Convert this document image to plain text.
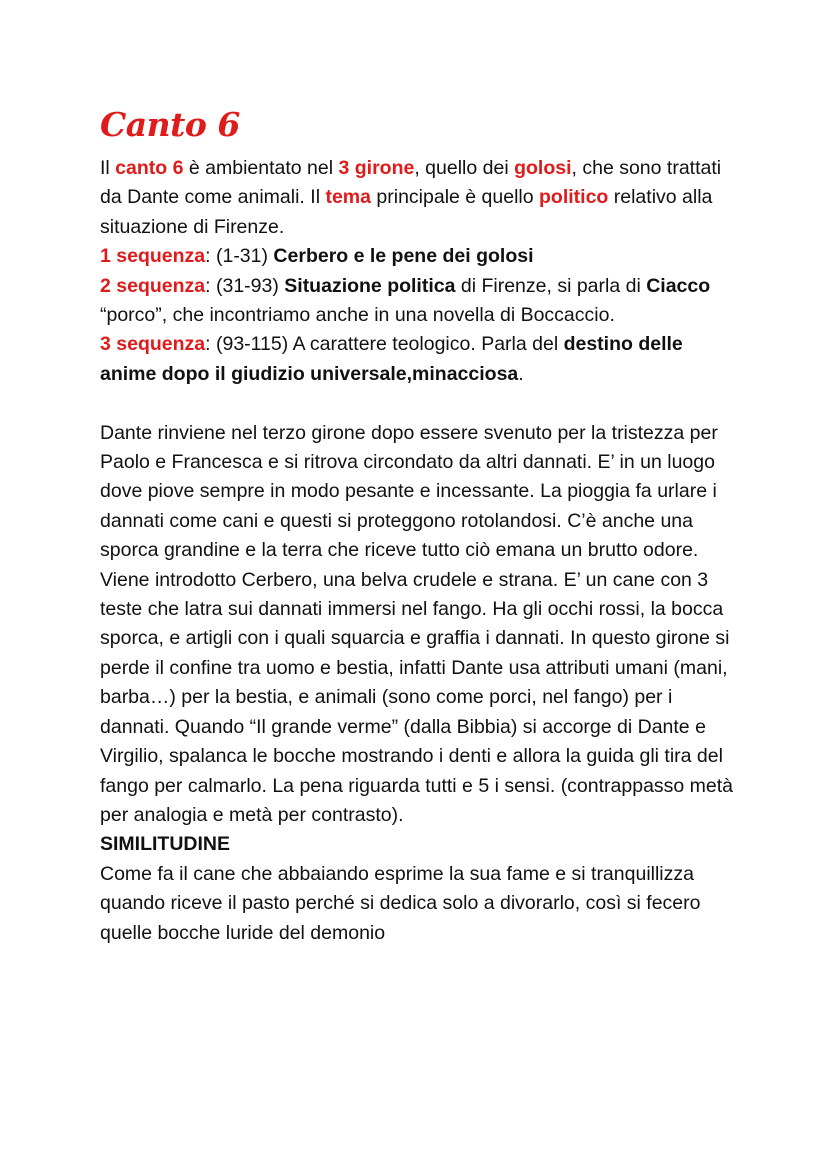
Canto 6

Il canto 6 è ambientato nel 3 girone, quello dei golosi, che sono trattati da Dante come animali. Il tema principale è quello politico relativo alla situazione di Firenze.

1 sequenza: (1-31) Cerbero e le pene dei golosi

2 sequenza: (31-93) Situazione politica di Firenze, si parla di Ciacco “porco”, che incontriamo anche in una novella di Boccaccio.

3 sequenza: (93-115) A carattere teologico. Parla del destino delle anime dopo il giudizio universale,minacciosa.

Dante rinviene nel terzo girone dopo essere svenuto per la tristezza per Paolo e Francesca e si ritrova circondato da altri dannati. E’ in un luogo dove piove sempre in modo pesante e incessante. La pioggia fa urlare i dannati come cani e questi si proteggono rotolandosi. C’è anche una sporca grandine e la terra che riceve tutto ciò emana un brutto odore.

Viene introdotto Cerbero, una belva crudele e strana. E’ un cane con 3 teste che latra sui dannati immersi nel fango. Ha gli occhi rossi, la bocca sporca, e artigli con i quali squarcia e graffia i dannati. In questo girone si perde il confine tra uomo e bestia, infatti Dante usa attributi umani (mani, barba…) per la bestia, e animali (sono come porci, nel fango) per i dannati. Quando “Il grande verme” (dalla Bibbia) si accorge di Dante e Virgilio, spalanca le bocche mostrando i denti e allora la guida gli tira del fango per calmarlo. La pena riguarda tutti e 5 i sensi. (contrappasso metà per analogia e metà per contrasto).

SIMILITUDINE

Come fa il cane che abbaiando esprime la sua fame e si tranquillizza quando riceve il pasto perché si dedica solo a divorarlo, così si fecero quelle bocche luride del demonio
